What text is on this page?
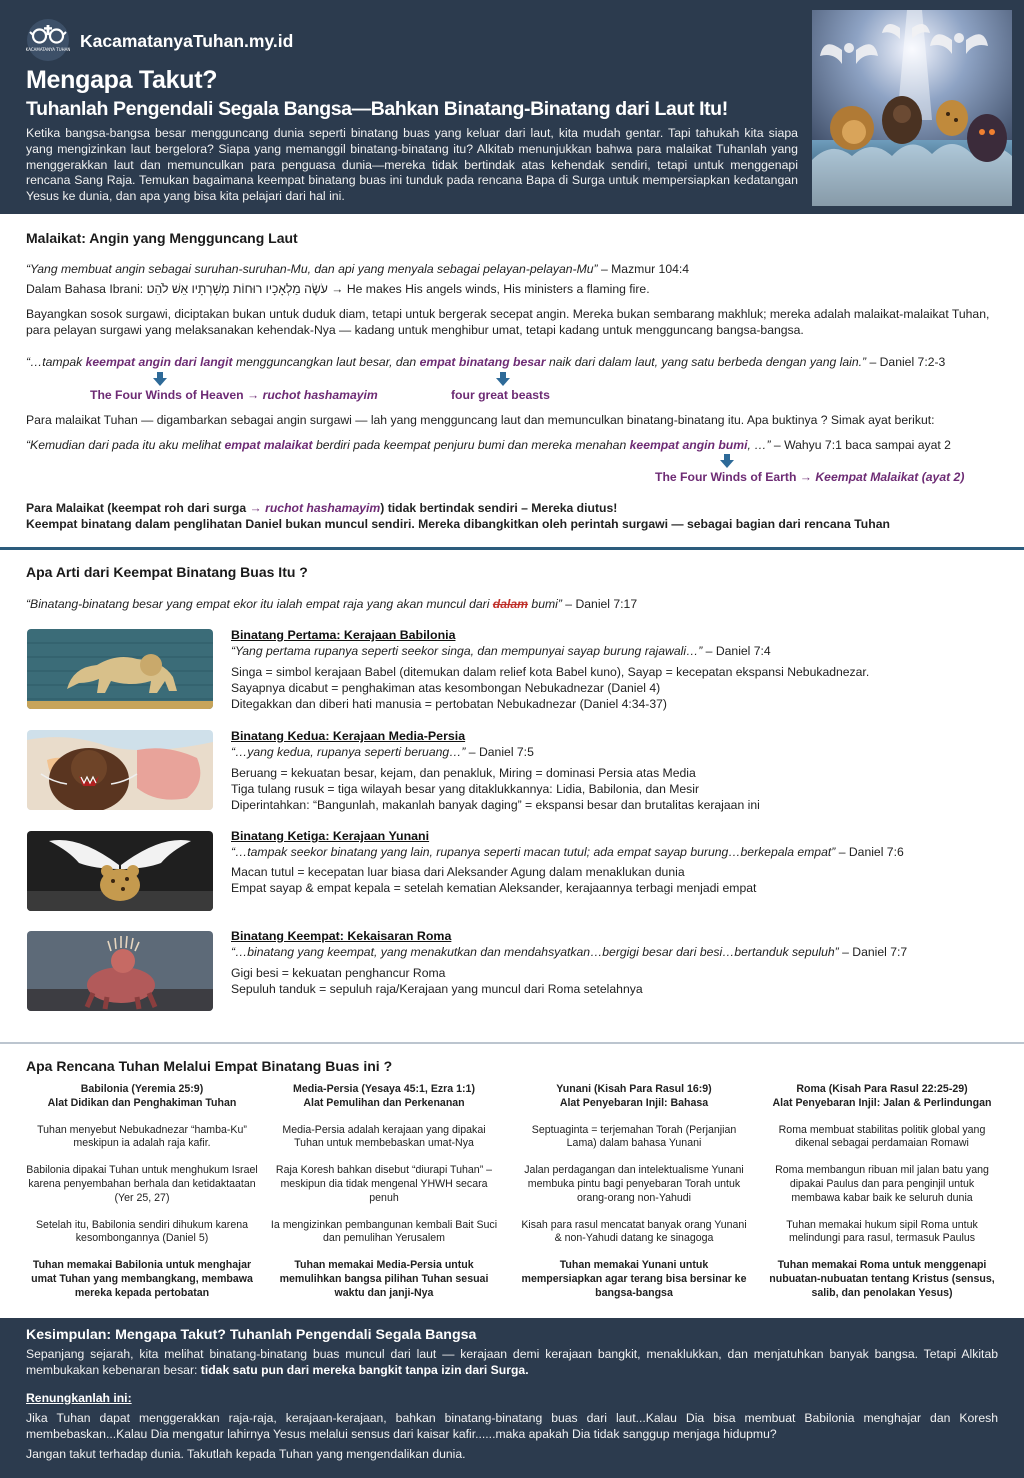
KACAMATANYA TUHAN KacamatanyaTuhan.my.id
Mengapa Takut?
Tuhanlah Pengendali Segala Bangsa—Bahkan Binatang-Binatang dari Laut Itu!
Ketika bangsa-bangsa besar mengguncang dunia seperti binatang buas yang keluar dari laut, kita mudah gentar. Tapi tahukah kita siapa yang mengizinkan laut bergelora? Siapa yang memanggil binatang-binatang itu? Alkitab menunjukkan bahwa para malaikat Tuhanlah yang menggerakkan laut dan memunculkan para penguasa dunia—mereka tidak bertindak atas kehendak sendiri, tetapi untuk menggenapi rencana Sang Raja. Temukan bagaimana keempat binatang buas ini tunduk pada rencana Bapa di Surga untuk mempersiapkan kedatangan Yesus ke dunia, dan apa yang bisa kita pelajari dari hal ini.
Malaikat: Angin yang Mengguncang Laut
“Yang membuat angin sebagai suruhan-suruhan-Mu, dan api yang menyala sebagai pelayan-pelayan-Mu” – Mazmur 104:4
Dalam Bahasa Ibrani: עֹשֶׂה מַלְאָכָיו רוּחוֹת מְשָׁרְתָיו אֵשׁ לֹהֵט׃ → He makes His angels winds, His ministers a flaming fire.
Bayangkan sosok surgawi, diciptakan bukan untuk duduk diam, tetapi untuk bergerak secepat angin. Mereka bukan sembarang makhluk; mereka adalah malaikat-malaikat Tuhan, para pelayan surgawi yang melaksanakan kehendak-Nya — kadang untuk menghibur umat, tetapi kadang untuk mengguncang bangsa-bangsa.
“…tampak keempat angin dari langit mengguncangkan laut besar, dan empat binatang besar naik dari dalam laut, yang satu berbeda dengan yang lain.” – Daniel 7:2-3
The Four Winds of Heaven → ruchot hashamayim	four great beasts
Para malaikat Tuhan — digambarkan sebagai angin surgawi — lah yang mengguncang laut dan memunculkan binatang-binatang itu. Apa buktinya ? Simak ayat berikut:
“Kemudian dari pada itu aku melihat empat malaikat berdiri pada keempat penjuru bumi dan mereka menahan keempat angin bumi, …” – Wahyu 7:1 baca sampai ayat 2
The Four Winds of Earth → Keempat Malaikat (ayat 2)
Para Malaikat (keempat roh dari surga → ruchot hashamayim) tidak bertindak sendiri – Mereka diutus!
Keempat binatang dalam penglihatan Daniel bukan muncul sendiri. Mereka dibangkitkan oleh perintah surgawi — sebagai bagian dari rencana Tuhan
Apa Arti dari Keempat Binatang Buas Itu ?
“Binatang-binatang besar yang empat ekor itu ialah empat raja yang akan muncul dari dalam bumi” – Daniel 7:17
Binatang Pertama: Kerajaan Babilonia
“Yang pertama rupanya seperti seekor singa, dan mempunyai sayap burung rajawali…” – Daniel 7:4
Singa = simbol kerajaan Babel (ditemukan dalam relief kota Babel kuno), Sayap = kecepatan ekspansi Nebukadnezar.
Sayapnya dicabut = penghakiman atas kesombongan Nebukadnezar (Daniel 4)
Ditegakkan dan diberi hati manusia = pertobatan Nebukadnezar (Daniel 4:34-37)
Binatang Kedua: Kerajaan Media-Persia
“…yang kedua, rupanya seperti beruang…” – Daniel 7:5
Beruang = kekuatan besar, kejam, dan penakluk, Miring = dominasi Persia atas Media
Tiga tulang rusuk = tiga wilayah besar yang ditaklukkannya: Lidia, Babilonia, dan Mesir
Diperintahkan: “Bangunlah, makanlah banyak daging” = ekspansi besar dan brutalitas kerajaan ini
Binatang Ketiga: Kerajaan Yunani
“…tampak seekor binatang yang lain, rupanya seperti macan tutul; ada empat sayap burung…berkepala empat” – Daniel 7:6
Macan tutul = kecepatan luar biasa dari Aleksander Agung dalam menaklukan dunia
Empat sayap & empat kepala = setelah kematian Aleksander, kerajaannya terbagi menjadi empat
Binatang Keempat: Kekaisaran Roma
“…binatang yang keempat, yang menakutkan dan mendahsyatkan…bergigi besar dari besi…bertanduk sepuluh” – Daniel 7:7
Gigi besi = kekuatan penghancur Roma
Sepuluh tanduk = sepuluh raja/Kerajaan yang muncul dari Roma setelahnya
Apa Rencana Tuhan Melalui Empat Binatang Buas ini ?
Babilonia (Yeremia 25:9)
Alat Didikan dan Penghakiman Tuhan

Tuhan menyebut Nebukadnezar “hamba-Ku” meskipun ia adalah raja kafir.

Babilonia dipakai Tuhan untuk menghukum Israel karena penyembahan berhala dan ketidaktaatan (Yer 25, 27)

Setelah itu, Babilonia sendiri dihukum karena kesombongannya (Daniel 5)

Tuhan memakai Babilonia untuk menghajar umat Tuhan yang membangkang, membawa mereka kepada pertobatan
Media-Persia (Yesaya 45:1, Ezra 1:1)
Alat Pemulihan dan Perkenanan

Media-Persia adalah kerajaan yang dipakai Tuhan untuk membebaskan umat-Nya

Raja Koresh bahkan disebut “diurapi Tuhan” – meskipun dia tidak mengenal YHWH secara penuh

Ia mengizinkan pembangunan kembali Bait Suci dan pemulihan Yerusalem

Tuhan memakai Media-Persia untuk memulihkan bangsa pilihan Tuhan sesuai waktu dan janji-Nya
Yunani (Kisah Para Rasul 16:9)
Alat Penyebaran Injil: Bahasa

Septuaginta = terjemahan Torah (Perjanjian Lama) dalam bahasa Yunani

Jalan perdagangan dan intelektualisme Yunani membuka pintu bagi penyebaran Torah untuk orang-orang non-Yahudi

Kisah para rasul mencatat banyak orang Yunani & non-Yahudi datang ke sinagoga

Tuhan memakai Yunani untuk mempersiapkan agar terang bisa bersinar ke bangsa-bangsa
Roma (Kisah Para Rasul 22:25-29)
Alat Penyebaran Injil: Jalan & Perlindungan

Roma membuat stabilitas politik global yang dikenal sebagai perdamaian Romawi

Roma membangun ribuan mil jalan batu yang dipakai Paulus dan para penginjil untuk membawa kabar baik ke seluruh dunia

Tuhan memakai hukum sipil Roma untuk melindungi para rasul, termasuk Paulus

Tuhan memakai Roma untuk menggenapi nubuatan-nubuatan tentang Kristus (sensus, salib, dan penolakan Yesus)
Kesimpulan: Mengapa Takut? Tuhanlah Pengendali Segala Bangsa
Sepanjang sejarah, kita melihat binatang-binatang buas muncul dari laut — kerajaan demi kerajaan bangkit, menaklukkan, dan menjatuhkan banyak bangsa. Tetapi Alkitab membukakan kebenaran besar: tidak satu pun dari mereka bangkit tanpa izin dari Surga.
Renungkanlah ini:
Jika Tuhan dapat menggerakkan raja-raja, kerajaan-kerajaan, bahkan binatang-binatang buas dari laut...Kalau Dia bisa membuat Babilonia menghajar dan Koresh membebaskan...Kalau Dia mengatur lahirnya Yesus melalui sensus dari kaisar kafir......maka apakah Dia tidak sanggup menjaga hidupmu?
Jangan takut terhadap dunia. Takutlah kepada Tuhan yang mengendalikan dunia.
